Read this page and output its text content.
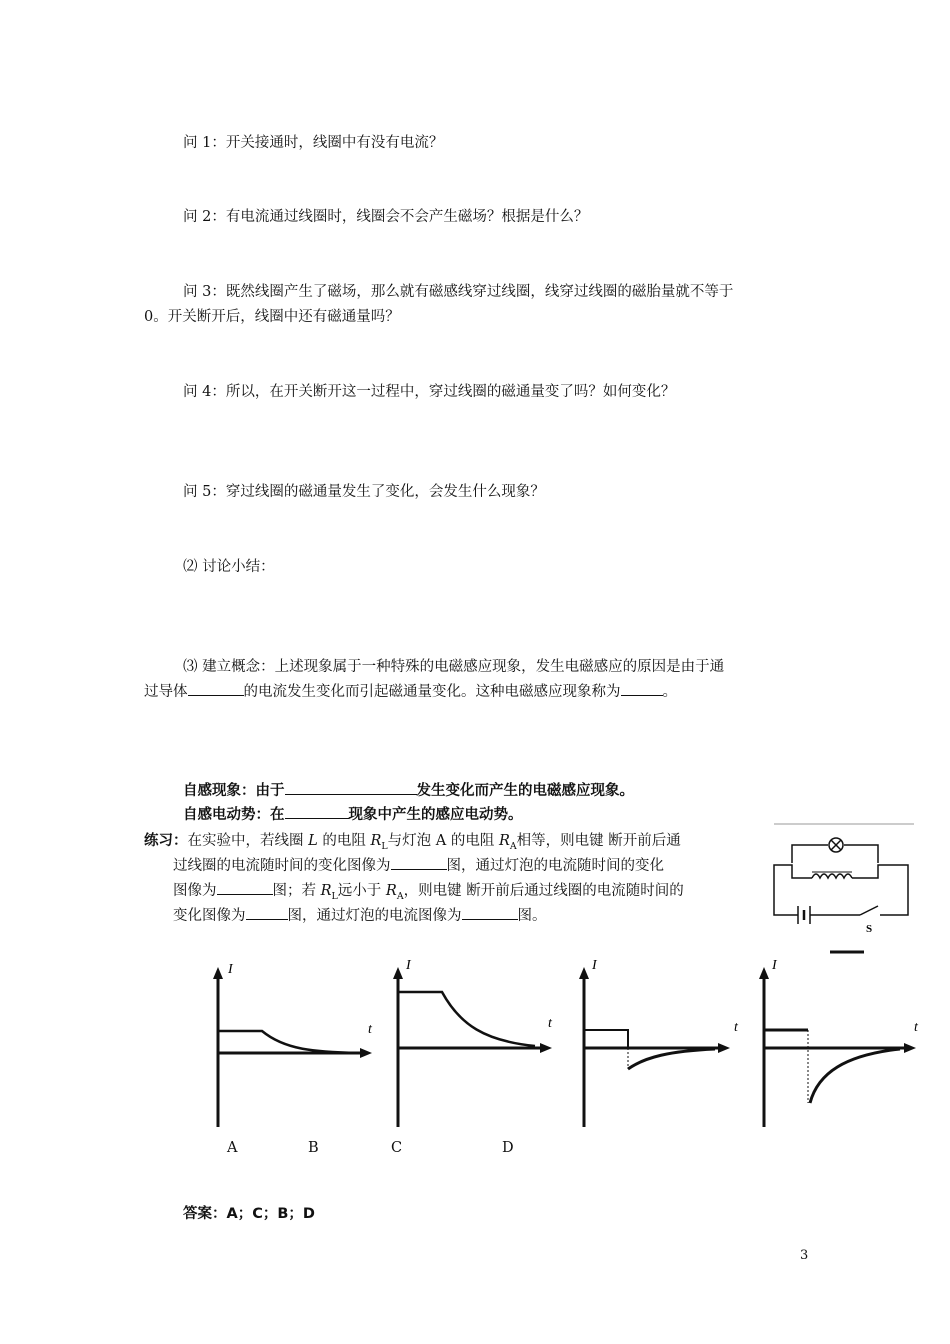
问 1：开关接通时，线圈中有没有电流？
问 2：有电流通过线圈时，线圈会不会产生磁场？根据是什么？
问 3：既然线圈产生了磁场，那么就有磁感线穿过线圈，线穿过线圈的磁胎量就不等于
0。开关断开后，线圈中还有磁通量吗？
问 4：所以，在开关断开这一过程中，穿过线圈的磁通量变了吗？如何变化？
问 5：穿过线圈的磁通量发生了变化，会发生什么现象？
⑵ 讨论小结：
⑶ 建立概念：上述现象属于一种特殊的电磁感应现象，发生电磁感应的原因是由于通
过导体	的电流发生变化而引起磁通量变化。这种电磁感应现象称为	。
自感现象：由于	发生变化而产生的电磁感应现象。
自感电动势：在	现象中产生的感应电动势。
练习：在实验中，若线圈 L 的电阻 $R_L$与灯泡 A 的电阻 $R_A$相等，则电键 断开前后通
过线圈的电流随时间的变化图像为	图，通过灯泡的电流随时间的变化
图像为	图；若 $R_L$远小于 $R_A$，则电键 断开前后通过线圈的电流随时间的
变化图像为	图，通过灯泡的电流图像为	图。
S
I
t
I
t
I
t
I
t
A	B	C	D
答案：A；C；B；D
3
